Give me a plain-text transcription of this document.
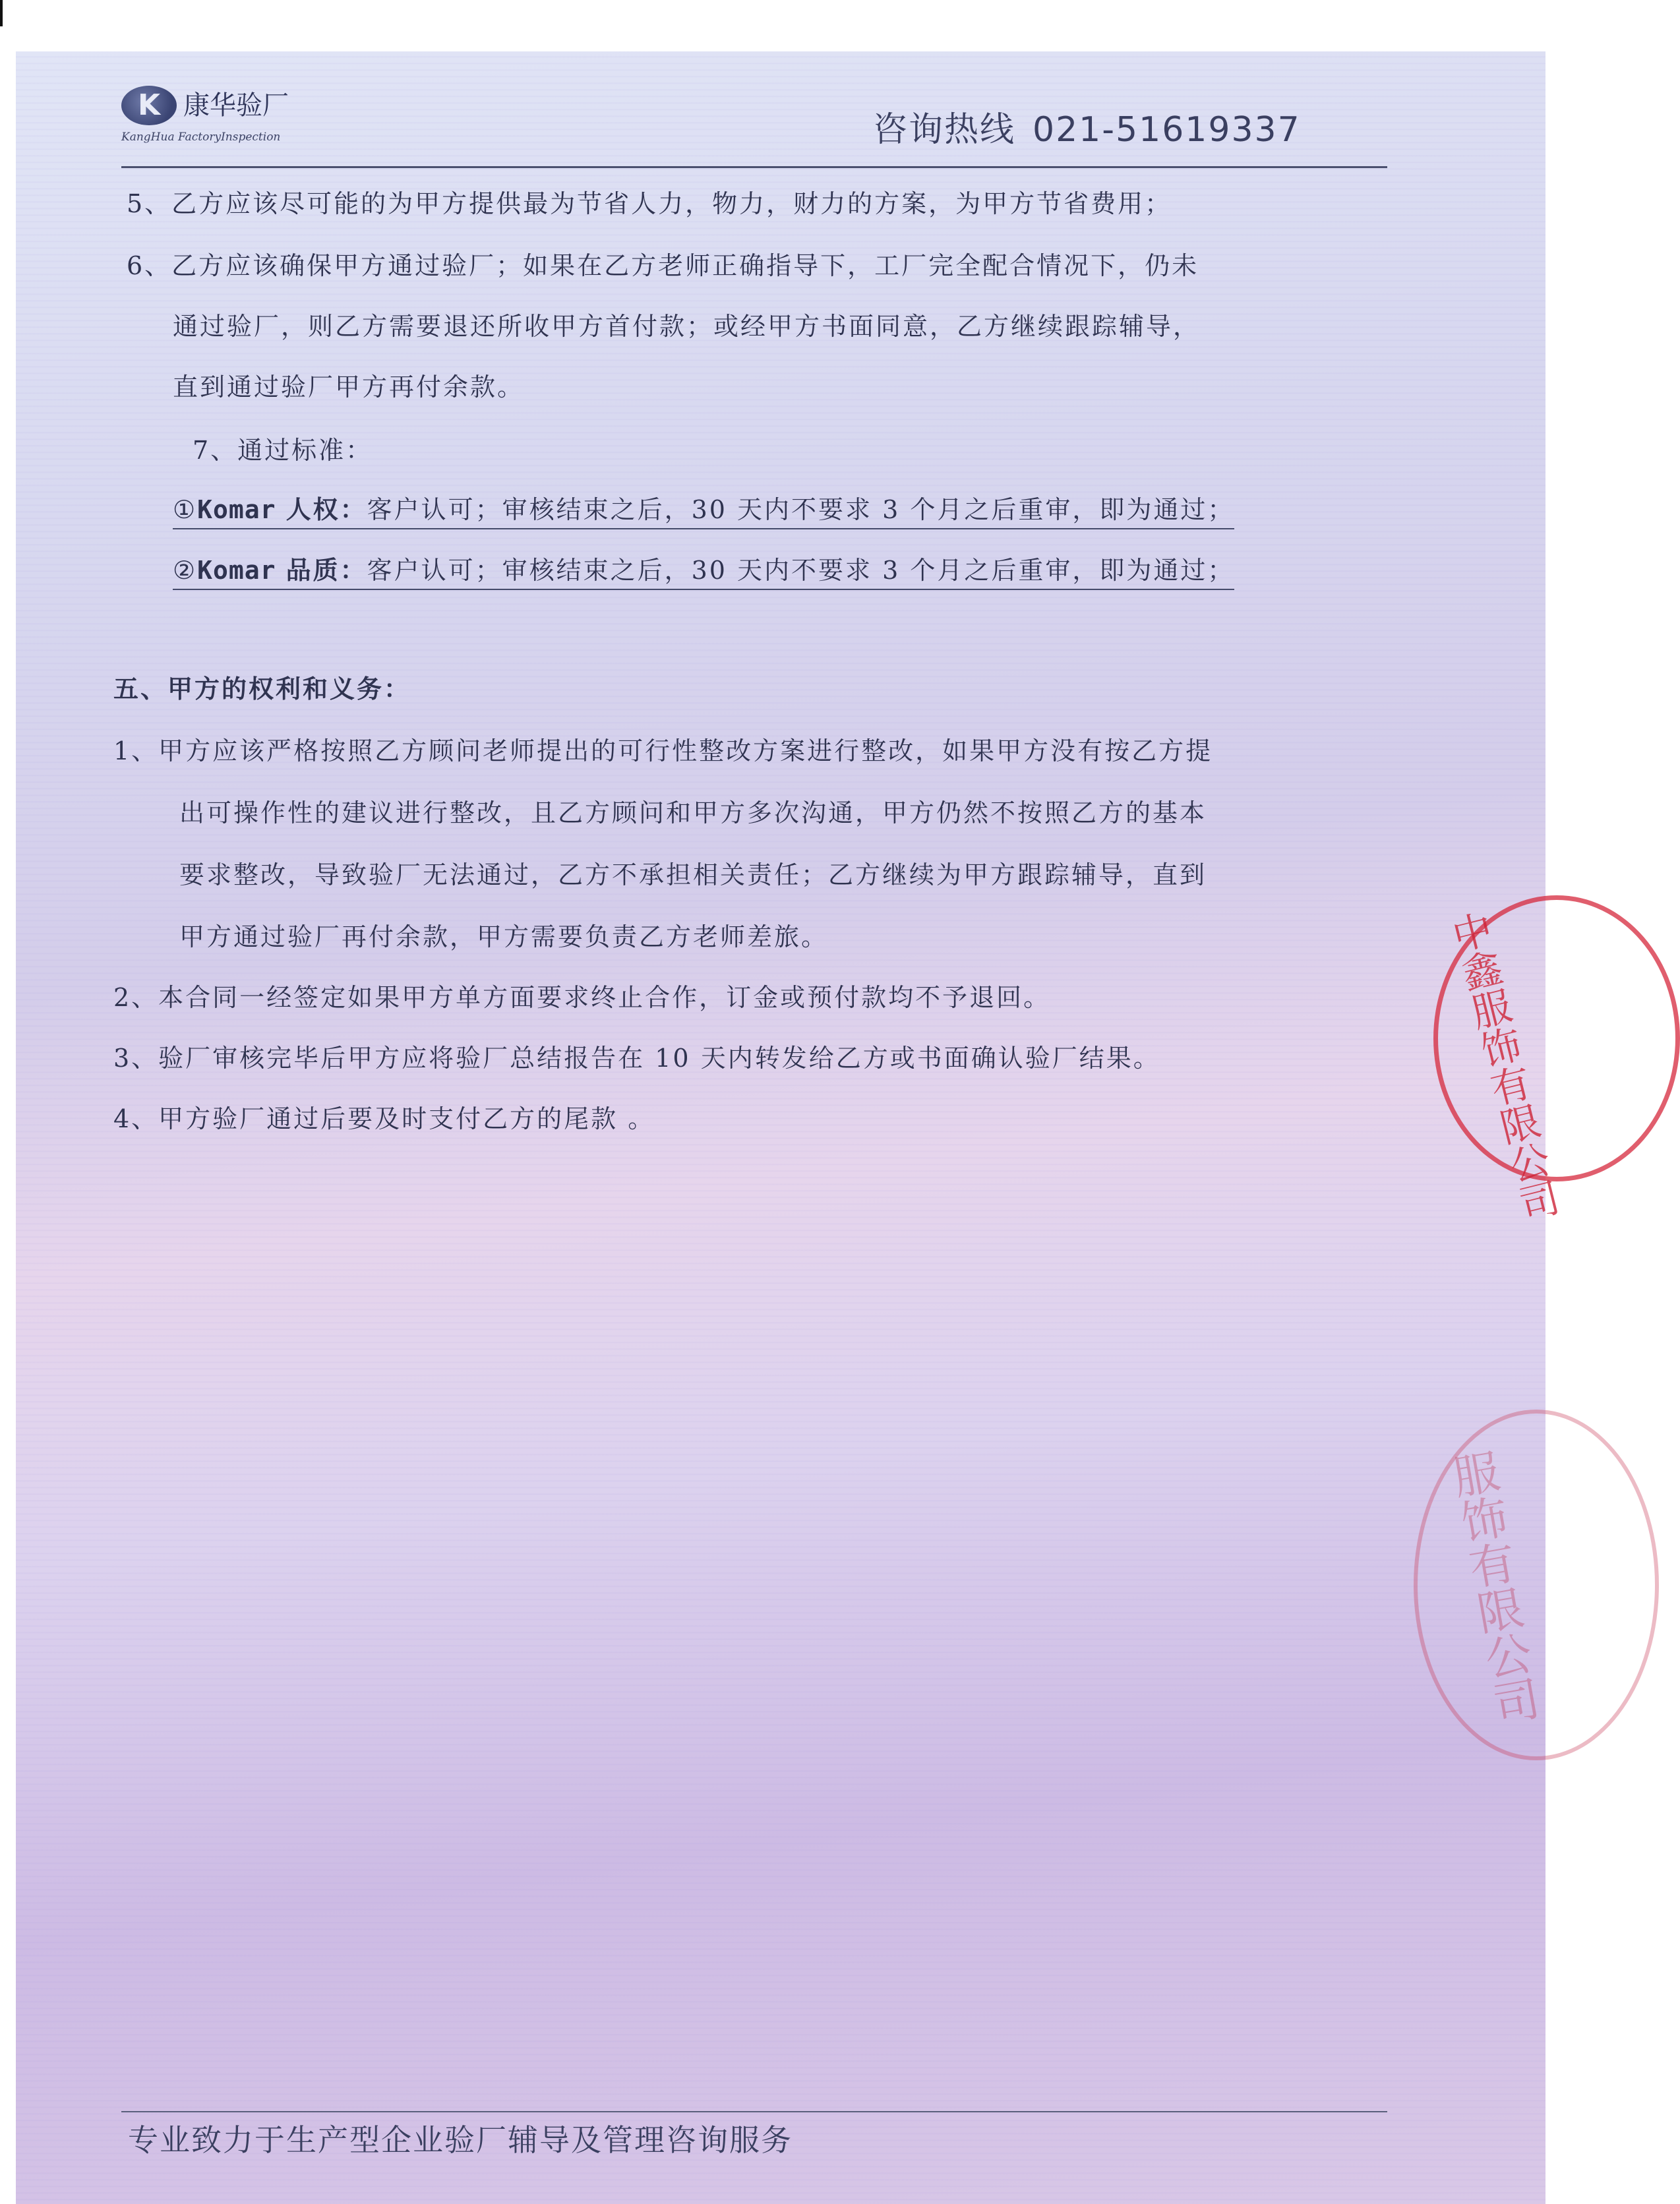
K 康华验厂
KangHua FactoryInspection	咨询热线 021-51619337
5、乙方应该尽可能的为甲方提供最为节省人力，物力，财力的方案，为甲方节省费用；
6、乙方应该确保甲方通过验厂；如果在乙方老师正确指导下，工厂完全配合情况下，仍未
通过验厂，则乙方需要退还所收甲方首付款；或经甲方书面同意，乙方继续跟踪辅导，
直到通过验厂甲方再付余款。
7、通过标准：
①Komar 人权：客户认可；审核结束之后，30 天内不要求 3 个月之后重审，即为通过；
②Komar 品质：客户认可；审核结束之后，30 天内不要求 3 个月之后重审，即为通过；
五、甲方的权利和义务：
1、甲方应该严格按照乙方顾问老师提出的可行性整改方案进行整改，如果甲方没有按乙方提
出可操作性的建议进行整改，且乙方顾问和甲方多次沟通，甲方仍然不按照乙方的基本
要求整改，导致验厂无法通过，乙方不承担相关责任；乙方继续为甲方跟踪辅导，直到
甲方通过验厂再付余款，甲方需要负责乙方老师差旅。
2、本合同一经签定如果甲方单方面要求终止合作，订金或预付款均不予退回。
3、验厂审核完毕后甲方应将验厂总结报告在 10 天内转发给乙方或书面确认验厂结果。
4、甲方验厂通过后要及时支付乙方的尾款 。
专业致力于生产型企业验厂辅导及管理咨询服务
中鑫服饰有限公司
服饰有限公司
